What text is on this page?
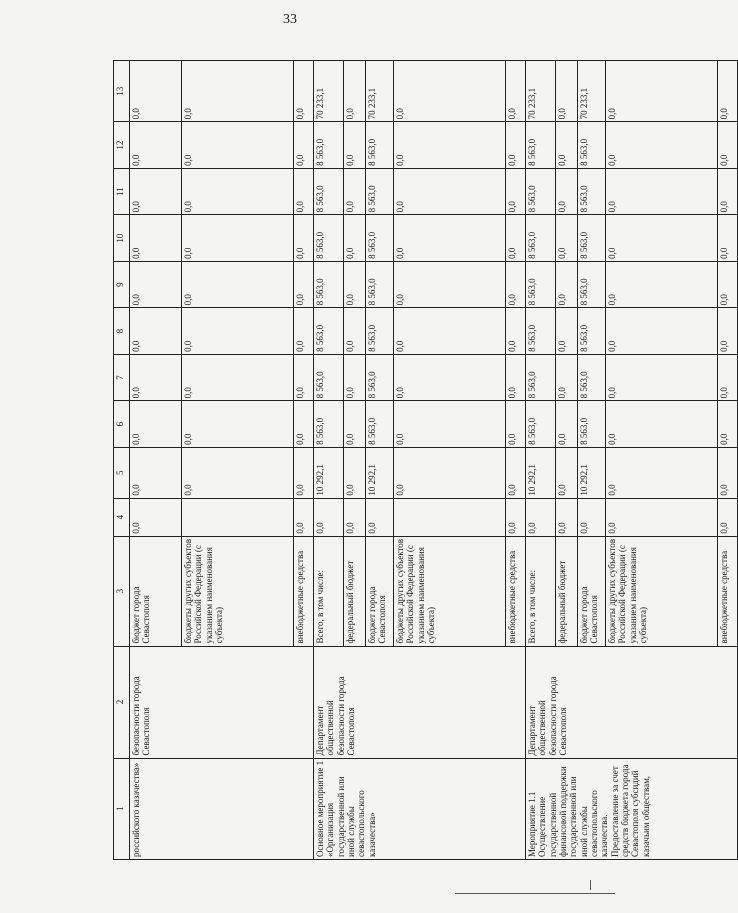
33
1	2	3	4	5	6	7	8	9	10	11	12	13
российского казачества»	безопасности города Севастополя	бюджет города Севастополя	0,0	0,0	0,0	0,0	0,0	0,0	0,0	0,0	0,0	0,0
		бюджеты других субъектов Российской Федерации (с указанием наименования субъекта)		0,0	0,0	0,0	0,0	0,0	0,0	0,0	0,0	0,0
		внебюджетные средства	0,0	0,0	0,0	0,0	0,0	0,0	0,0	0,0	0,0	0,0
Основное мероприятие 1 «Организация государственной или иной службы севастопольского казачества»	Департамент общественной безопасности города Севастополя	Всего, в том числе:	0,0	10 292,1	8 563,0	8 563,0	8 563,0	8 563,0	8 563,0	8 563,0	8 563,0	70 233,1
		федеральный бюджет	0,0	0,0	0,0	0,0	0,0	0,0	0,0	0,0	0,0	0,0
		бюджет города Севастополя	0,0	10 292,1	8 563,0	8 563,0	8 563,0	8 563,0	8 563,0	8 563,0	8 563,0	70 233,1
		бюджеты других субъектов Российской Федерации (с указанием наименования субъекта)		0,0	0,0	0,0	0,0	0,0	0,0	0,0	0,0	0,0
		внебюджетные средства	0,0	0,0	0,0	0,0	0,0	0,0	0,0	0,0	0,0	0,0
Мероприятие 1.1 Осуществление государственной финансовой поддержки государственной или иной службы севастопольского казачества. Предоставление за счет средств бюджета города Севастополя субсидий казачьим обществам,	Департамент общественной безопасности города Севастополя	Всего, в том числе:	0,0	10 292,1	8 563,0	8 563,0	8 563,0	8 563,0	8 563,0	8 563,0	8 563,0	70 233,1
		федеральный бюджет	0,0	0,0	0,0	0,0	0,0	0,0	0,0	0,0	0,0	0,0
		бюджет города Севастополя	0,0	10 292,1	8 563,0	8 563,0	8 563,0	8 563,0	8 563,0	8 563,0	8 563,0	70 233,1
		бюджеты других субъектов Российской Федерации (с указанием наименования субъекта)	0,0	0,0	0,0	0,0	0,0	0,0	0,0	0,0	0,0	0,0
		внебюджетные средства	0,0	0,0	0,0	0,0	0,0	0,0	0,0	0,0	0,0	0,0
